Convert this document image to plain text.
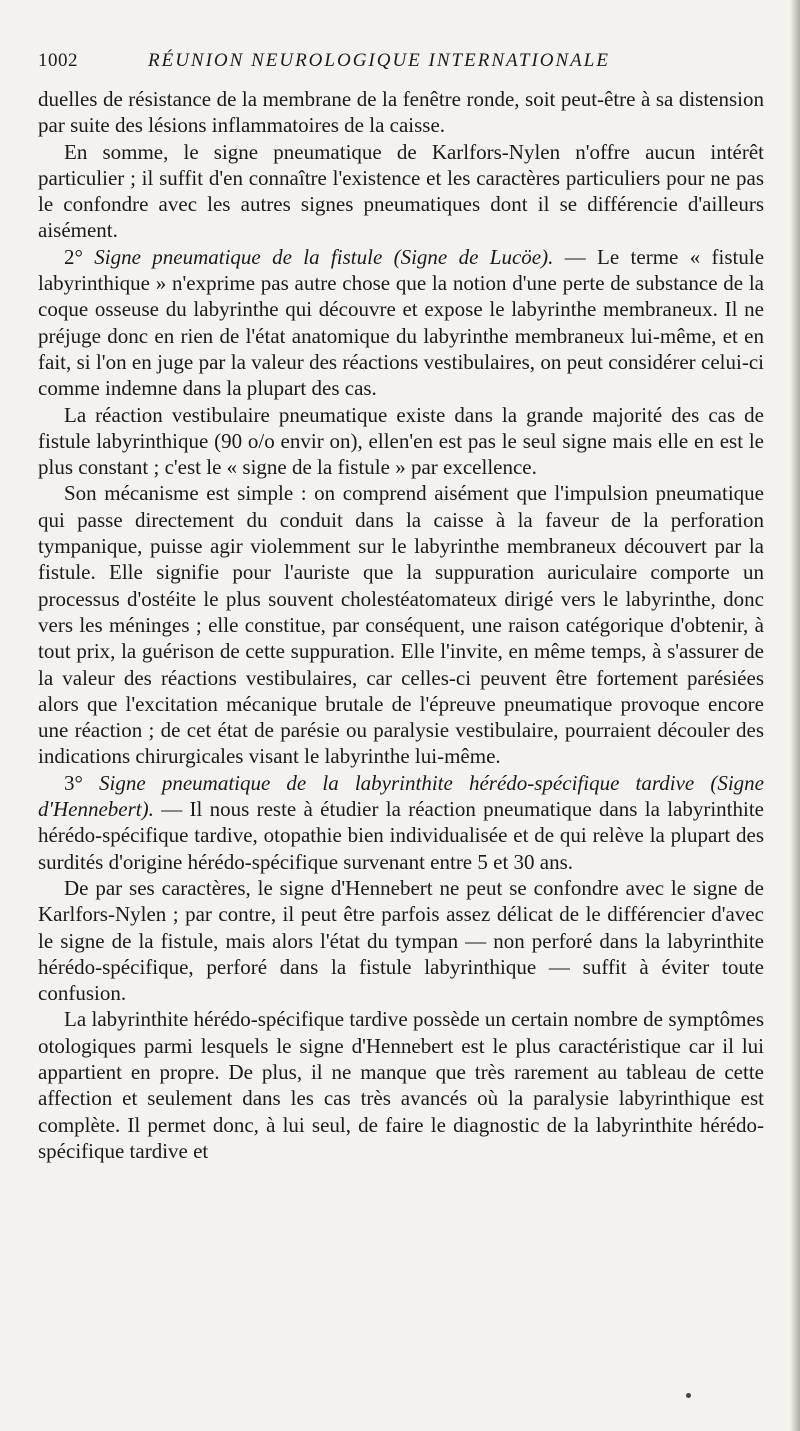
1002	RÉUNION NEUROLOGIQUE INTERNATIONALE

duelles de résistance de la membrane de la fenêtre ronde, soit peut-être à sa distension par suite des lésions inflammatoires de la caisse.

En somme, le signe pneumatique de Karlfors-Nylen n'offre aucun intérêt particulier ; il suffit d'en connaître l'existence et les caractères particuliers pour ne pas le confondre avec les autres signes pneumatiques dont il se différencie d'ailleurs aisément.

2° Signe pneumatique de la fistule (Signe de Lucöe). — Le terme « fistule labyrinthique » n'exprime pas autre chose que la notion d'une perte de substance de la coque osseuse du labyrinthe qui découvre et expose le labyrinthe membraneux. Il ne préjuge donc en rien de l'état anatomique du labyrinthe membraneux lui-même, et en fait, si l'on en juge par la valeur des réactions vestibulaires, on peut considérer celui-ci comme indemne dans la plupart des cas.

La réaction vestibulaire pneumatique existe dans la grande majorité des cas de fistule labyrinthique (90 o/o envir on), ellen'en est pas le seul signe mais elle en est le plus constant ; c'est le « signe de la fistule » par excellence.

Son mécanisme est simple : on comprend aisément que l'impulsion pneumatique qui passe directement du conduit dans la caisse à la faveur de la perforation tympanique, puisse agir violemment sur le labyrinthe membraneux découvert par la fistule. Elle signifie pour l'auriste que la suppuration auriculaire comporte un processus d'ostéite le plus souvent cholestéatomateux dirigé vers le labyrinthe, donc vers les méninges ; elle constitue, par conséquent, une raison catégorique d'obtenir, à tout prix, la guérison de cette suppuration. Elle l'invite, en même temps, à s'assurer de la valeur des réactions vestibulaires, car celles-ci peuvent être fortement parésiées alors que l'excitation mécanique brutale de l'épreuve pneumatique provoque encore une réaction ; de cet état de parésie ou paralysie vestibulaire, pourraient découler des indications chirurgicales visant le labyrinthe lui-même.

3° Signe pneumatique de la labyrinthite hérédo-spécifique tardive (Signe d'Hennebert). — Il nous reste à étudier la réaction pneumatique dans la labyrinthite hérédo-spécifique tardive, otopathie bien individualisée et de qui relève la plupart des surdités d'origine hérédo-spécifique survenant entre 5 et 30 ans.

De par ses caractères, le signe d'Hennebert ne peut se confondre avec le signe de Karlfors-Nylen ; par contre, il peut être parfois assez délicat de le différencier d'avec le signe de la fistule, mais alors l'état du tympan — non perforé dans la labyrinthite hérédo-spécifique, perforé dans la fistule labyrinthique — suffit à éviter toute confusion.

La labyrinthite hérédo-spécifique tardive possède un certain nombre de symptômes otologiques parmi lesquels le signe d'Hennebert est le plus caractéristique car il lui appartient en propre. De plus, il ne manque que très rarement au tableau de cette affection et seulement dans les cas très avancés où la paralysie labyrinthique est complète. Il permet donc, à lui seul, de faire le diagnostic de la labyrinthite hérédo-spécifique tardive et
